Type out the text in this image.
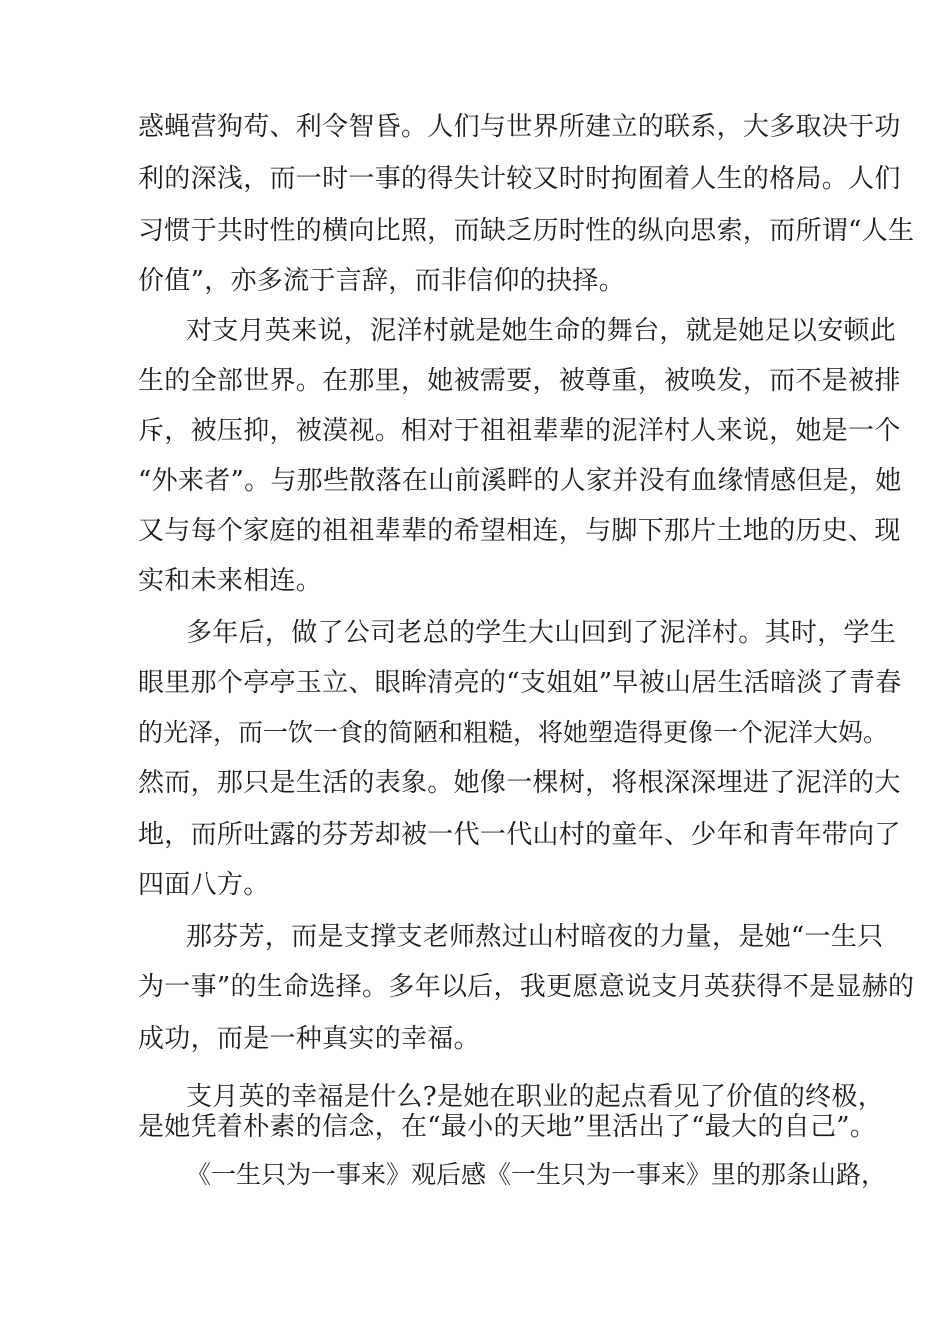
惑蝇营狗苟、利令智昏。人们与世界所建立的联系，大多取决于功
利的深浅，而一时一事的得失计较又时时拘囿着人生的格局。人们
习惯于共时性的横向比照，而缺乏历时性的纵向思索，而所谓“人生
价值”，亦多流于言辞，而非信仰的抉择。
对支月英来说，泥洋村就是她生命的舞台，就是她足以安顿此
生的全部世界。在那里，她被需要，被尊重，被唤发，而不是被排
斥，被压抑，被漠视。相对于祖祖辈辈的泥洋村人来说，她是一个
“外来者”。与那些散落在山前溪畔的人家并没有血缘情感但是，她
又与每个家庭的祖祖辈辈的希望相连，与脚下那片土地的历史、现
实和未来相连。
多年后，做了公司老总的学生大山回到了泥洋村。其时，学生
眼里那个亭亭玉立、眼眸清亮的“支姐姐”早被山居生活暗淡了青春
的光泽，而一饮一食的简陋和粗糙，将她塑造得更像一个泥洋大妈。
然而，那只是生活的表象。她像一棵树，将根深深埋进了泥洋的大
地，而所吐露的芬芳却被一代一代山村的童年、少年和青年带向了
四面八方。
那芬芳，而是支撑支老师熬过山村暗夜的力量，是她“一生只
为一事”的生命选择。多年以后，我更愿意说支月英获得不是显赫的
成功，而是一种真实的幸福。
支月英的幸福是什么?是她在职业的起点看见了价值的终极，
是她凭着朴素的信念，在“最小的天地”里活出了“最大的自己”。
《一生只为一事来》观后感《一生只为一事来》里的那条山路，
